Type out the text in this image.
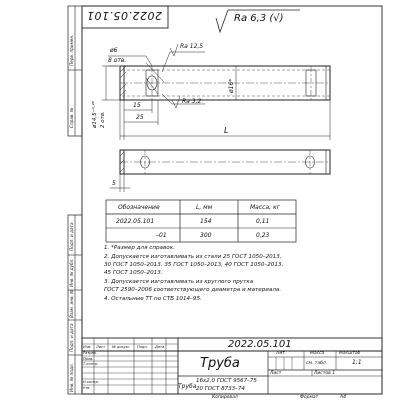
2022.05.101	Ra 6,3 (√)
ø6
8 отв.
Ra 12,5
Ra 3,2
ø14,5⁻⁰·²⁸ 2 отв.
ø16*
15
25
L
5
Обозначение	L, мм	Масса, кг
2022.05.101	154	0,11
–01	300	0,23
1. *Размер для справок.
2. Допускается изготавливать из стали 25 ГОСТ 1050–2013,
30 ГОСТ 1050–2013, 35 ГОСТ 1050–2013, 40 ГОСТ 1050–2013,
45 ГОСТ 1050–2013.
3. Допускается изготавливать из круглого прутка
ГОСТ 2590–2006 соответствующего диаметра и материала.
4. Остальные ТТ по СТБ 1014–95.
2022.05.101
Труба
16х2,0 ГОСТ 9567–75
Труба 20 ГОСТ 8733–74
Изм. Лист № докум. Подп. Дата
Разраб.
Пров.
Т.контр.
Н.контр.
Утв.
Лит.	Масса	Масштаб
см. табл.	1:1
Лист	Листов 1
Копировал	Формат	А4
Перв. примен.
Справ. №
Подп. и дата
Инв. № дубл.
Взам. инв. №
Подп. и дата
Инв. № подл.
